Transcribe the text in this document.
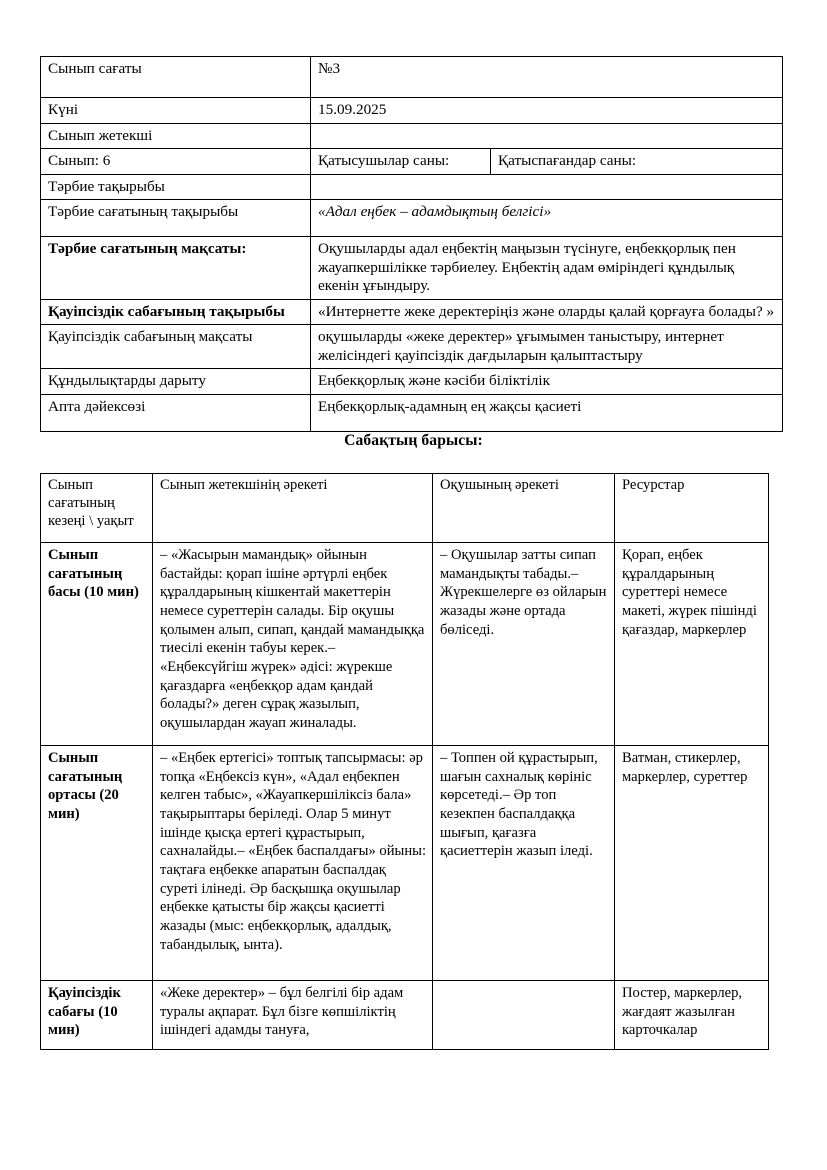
Сынып сағаты	№3	
Күні	15.09.2025	
Сынып жетекші		
Сынып: 6	Қатысушылар саны:	Қатыспағандар саны:
Тәрбие тақырыбы		
Тәрбие сағатының тақырыбы	«Адал еңбек – адамдықтың белгісі»	
Тәрбие сағатының мақсаты:	Оқушыларды адал еңбектің маңызын түсінуге, еңбекқорлық пен жауапкершілікке тәрбиелеу. Еңбектің адам өміріндегі құндылық екенін ұғындыру.	
Қауіпсіздік сабағының тақырыбы	«Интернетте жеке деректеріңіз және оларды қалай қорғауға болады? »	
Қауіпсіздік сабағының мақсаты	оқушыларды «жеке деректер» ұғымымен таныстыру, интернет желісіндегі қауіпсіздік дағдыларын қалыптастыру	
Құндылықтарды дарыту	Еңбекқорлық және кәсіби біліктілік	
Апта дәйексөзі	Еңбекқорлық-адамның ең жақсы қасиеті	
Сабақтың барысы:
Сынып сағатының кезеңі \ уақыт	Сынып жетекшінің әрекеті	Оқушының әрекеті	Ресурстар
Сынып сағатының басы (10 мин)	– «Жасырын мамандық» ойынын бастайды: қорап ішіне әртүрлі еңбек құралдарының кішкентай макеттерін немесе суреттерін салады. Бір оқушы қолымен алып, сипап, қандай мамандыққа тиесілі екенін табуы керек.– «Еңбексүйгіш жүрек» әдісі: жүрекше қағаздарға «еңбекқор адам қандай болады?» деген сұрақ жазылып, оқушылардан жауап жиналады.	– Оқушылар затты сипап мамандықты табады.– Жүрекшелерге өз ойларын жазады және ортада бөліседі.	Қорап, еңбек құралдарының суреттері немесе макеті, жүрек пішінді қағаздар, маркерлер
Сынып сағатының ортасы (20 мин)	– «Еңбек ертегісі» топтық тапсырмасы: әр топқа «Еңбексіз күн», «Адал еңбекпен келген табыс», «Жауапкершіліксіз бала» тақырыптары беріледі. Олар 5 минут ішінде қысқа ертегі құрастырып, сахналайды.– «Еңбек баспалдағы» ойыны: тақтаға еңбекке апаратын баспалдақ суреті ілінеді. Әр басқышқа оқушылар еңбекке қатысты бір жақсы қасиетті жазады (мыс: еңбекқорлық, адалдық, табандылық, ынта).	– Топпен ой құрастырып, шағын сахналық көрініс көрсетеді.– Әр топ кезекпен баспалдаққа шығып, қағазға қасиеттерін жазып іледі.	Ватман, стикерлер, маркерлер, суреттер
Қауіпсіздік сабағы (10 мин)	«Жеке деректер» – бұл белгілі бір адам туралы ақпарат. Бұл бізге көпшіліктің ішіндегі адамды тануға,		Постер, маркерлер, жағдаят жазылған карточкалар
